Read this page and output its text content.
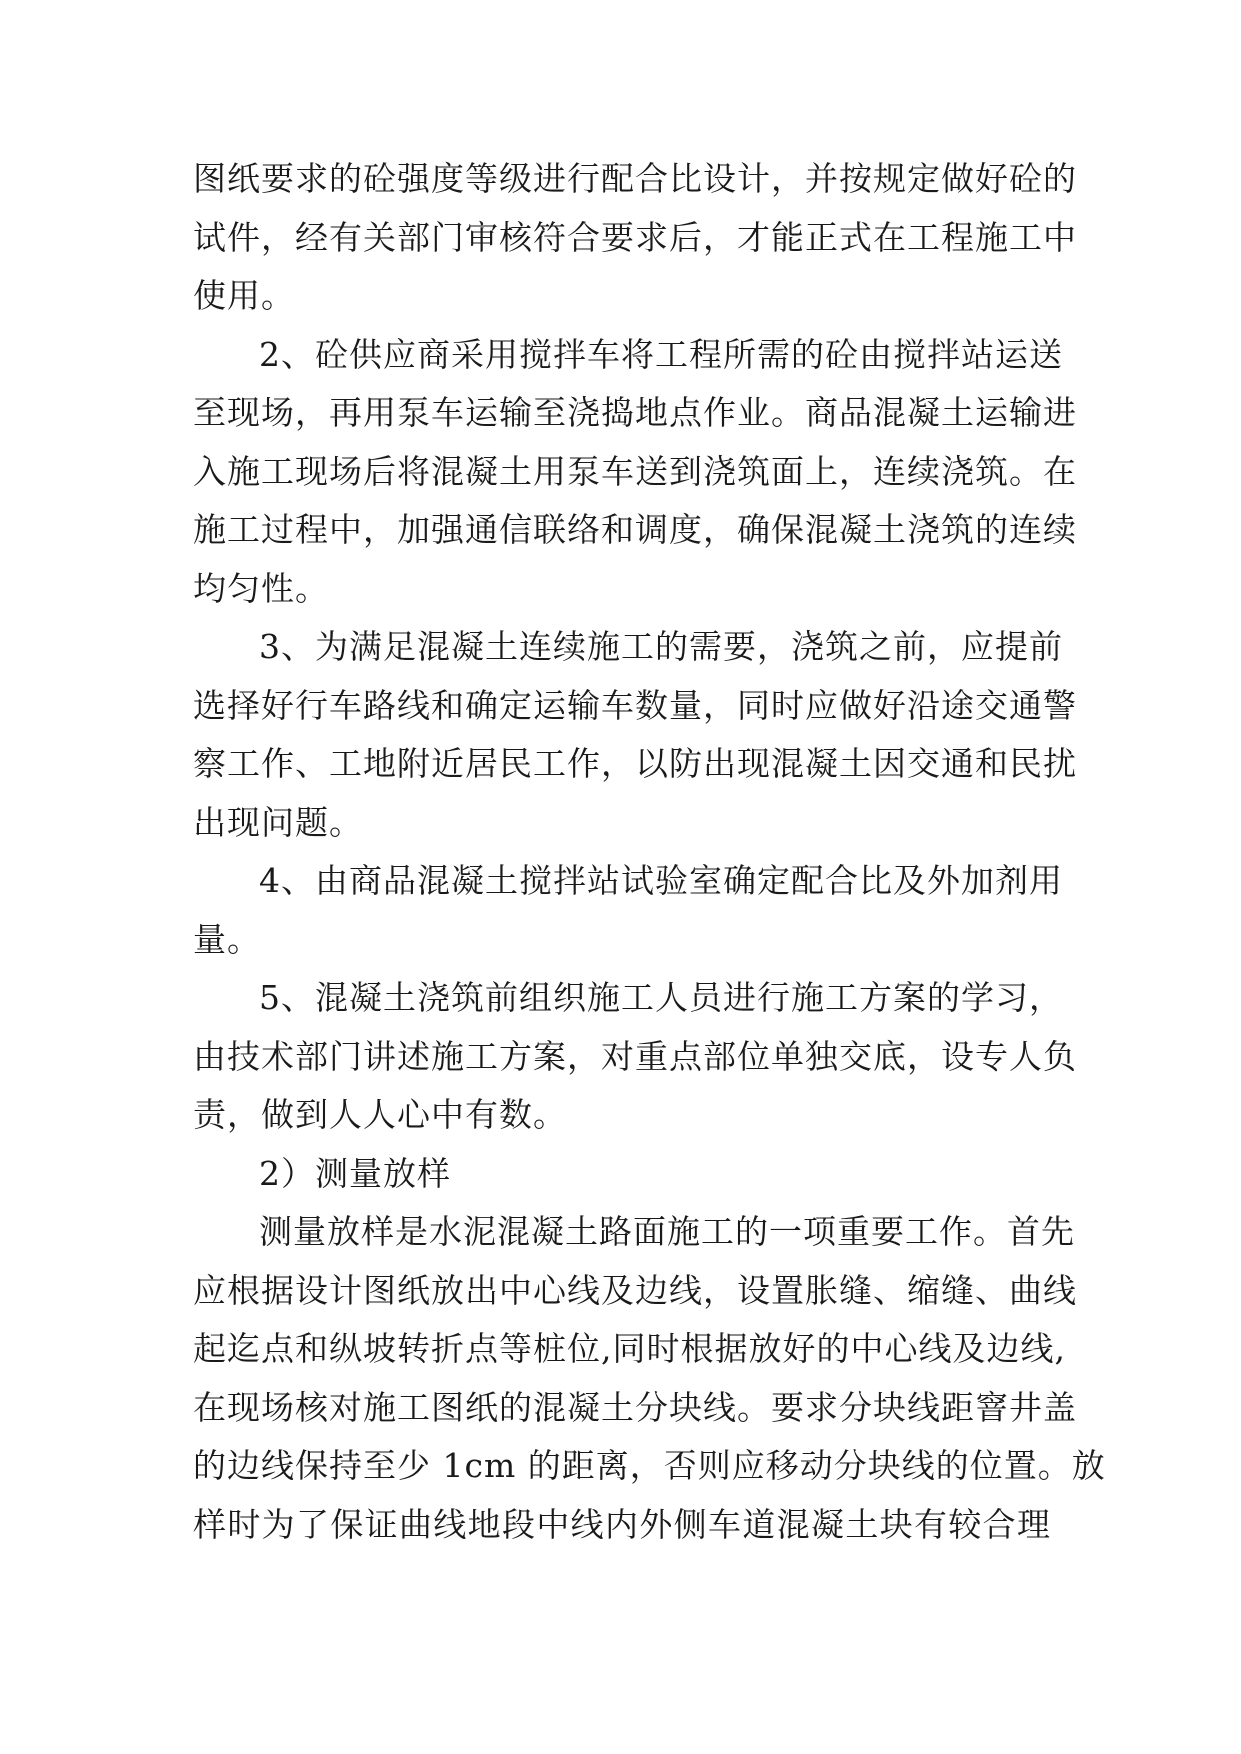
图纸要求的砼强度等级进行配合比设计，并按规定做好砼的
试件，经有关部门审核符合要求后，才能正式在工程施工中
使用。
2、砼供应商采用搅拌车将工程所需的砼由搅拌站运送
至现场，再用泵车运输至浇捣地点作业。商品混凝土运输进
入施工现场后将混凝土用泵车送到浇筑面上，连续浇筑。在
施工过程中，加强通信联络和调度，确保混凝土浇筑的连续
均匀性。
3、为满足混凝土连续施工的需要，浇筑之前，应提前
选择好行车路线和确定运输车数量，同时应做好沿途交通警
察工作、工地附近居民工作，以防出现混凝土因交通和民扰
出现问题。
4、由商品混凝土搅拌站试验室确定配合比及外加剂用
量。
5、混凝土浇筑前组织施工人员进行施工方案的学习，
由技术部门讲述施工方案，对重点部位单独交底，设专人负
责，做到人人心中有数。
2）测量放样
测量放样是水泥混凝土路面施工的一项重要工作。首先
应根据设计图纸放出中心线及边线，设置胀缝、缩缝、曲线
起迄点和纵坡转折点等桩位,同时根据放好的中心线及边线,
在现场核对施工图纸的混凝土分块线。要求分块线距窨井盖
的边线保持至少 1cm 的距离，否则应移动分块线的位置。放
样时为了保证曲线地段中线内外侧车道混凝土块有较合理
